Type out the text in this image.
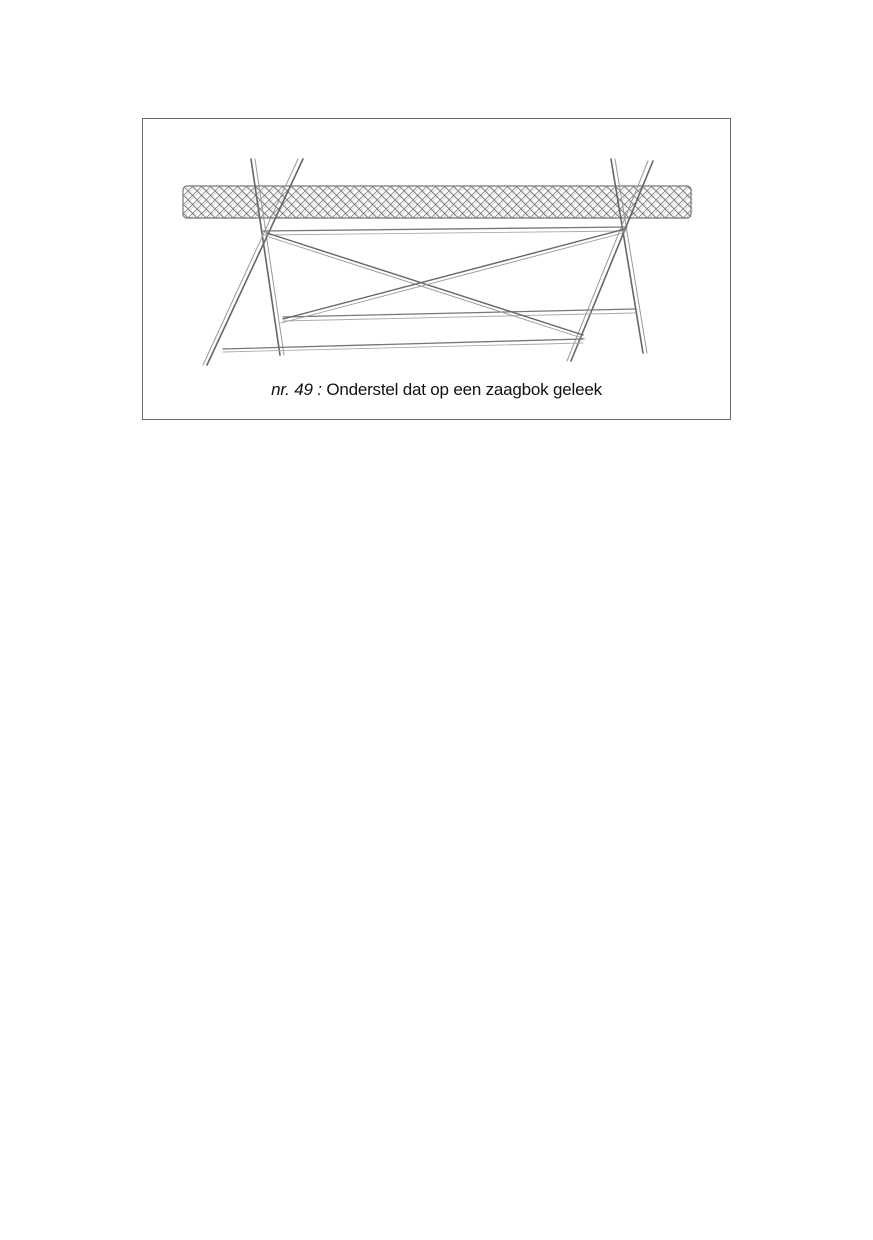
nr. 49 : Onderstel dat op een zaagbok geleek
